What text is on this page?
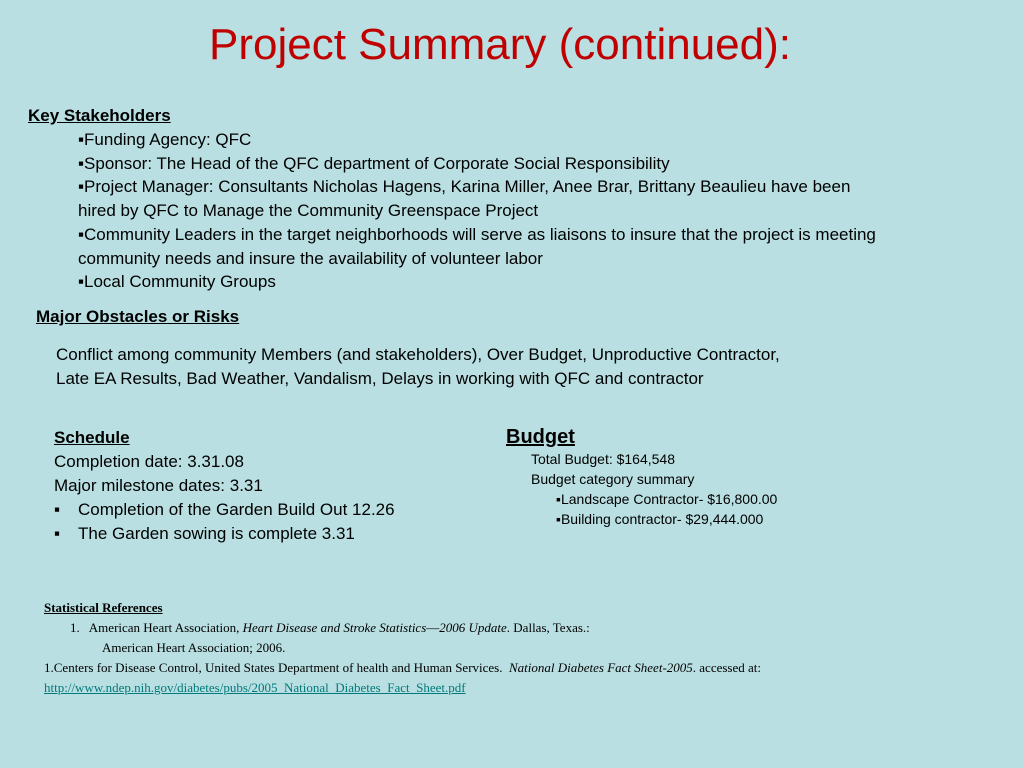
Project Summary (continued):
Key Stakeholders
▪Funding Agency: QFC
▪Sponsor: The Head of the QFC department of Corporate Social Responsibility
▪Project Manager: Consultants Nicholas Hagens, Karina Miller, Anee Brar, Brittany Beaulieu have been
hired by QFC to Manage the Community Greenspace Project
▪Community Leaders in the target neighborhoods will serve as liaisons to insure that the project is meeting
community needs and insure the availability of volunteer labor
▪Local Community Groups
Major Obstacles or Risks
Conflict among community Members (and stakeholders), Over Budget, Unproductive Contractor,
Late EA Results, Bad Weather, Vandalism, Delays in working with QFC and contractor
Schedule
Completion date: 3.31.08
Major milestone dates: 3.31
▪ Completion of the Garden Build Out 12.26
▪ The Garden sowing is complete 3.31
Budget
Total Budget: $164,548
Budget category summary
▪Landscape Contractor- $16,800.00
▪Building contractor- $29,444.000
Statistical References
1. American Heart Association, Heart Disease and Stroke Statistics—2006 Update. Dallas, Texas.:
American Heart Association; 2006.
1.Centers for Disease Control, United States Department of health and Human Services. National Diabetes Fact Sheet-2005. accessed at:
http://www.ndep.nih.gov/diabetes/pubs/2005_National_Diabetes_Fact_Sheet.pdf
